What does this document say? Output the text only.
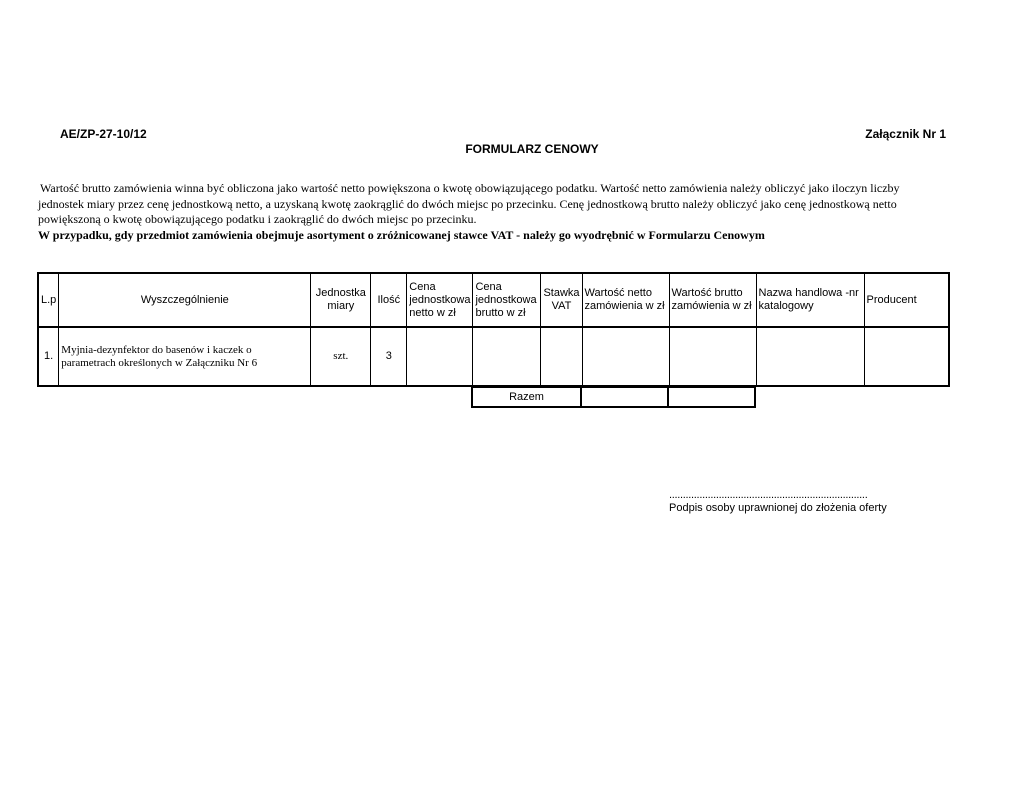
AE/ZP-27-10/12	Załącznik Nr 1
FORMULARZ CENOWY
Wartość brutto zamówienia winna być obliczona jako wartość netto powiększona o kwotę obowiązującego podatku. Wartość netto zamówienia należy obliczyć jako iloczyn liczby jednostek miary przez cenę jednostkową netto, a uzyskaną kwotę zaokrąglić do dwóch miejsc po przecinku. Cenę jednostkową brutto należy obliczyć jako cenę jednostkową netto powiększoną o kwotę obowiązującego podatku i zaokrąglić do dwóch miejsc po przecinku.
W przypadku, gdy przedmiot zamówienia obejmuje asortyment o zróżnicowanej stawce VAT - należy go wyodrębnić w Formularzu Cenowym
L.p	Wyszczególnienie	Jednostka miary	Ilość	Cena jednostkowa netto w zł	Cena jednostkowa brutto w zł	Stawka VAT	Wartość netto zamówienia w zł	Wartość brutto zamówienia w zł	Nazwa handlowa -nr katalogowy	Producent
1.	Myjnia-dezynfektor do basenów i kaczek o parametrach określonych w Załączniku Nr 6	szt.	3							
Razem		
........................................................................
Podpis osoby uprawnionej do złożenia oferty
